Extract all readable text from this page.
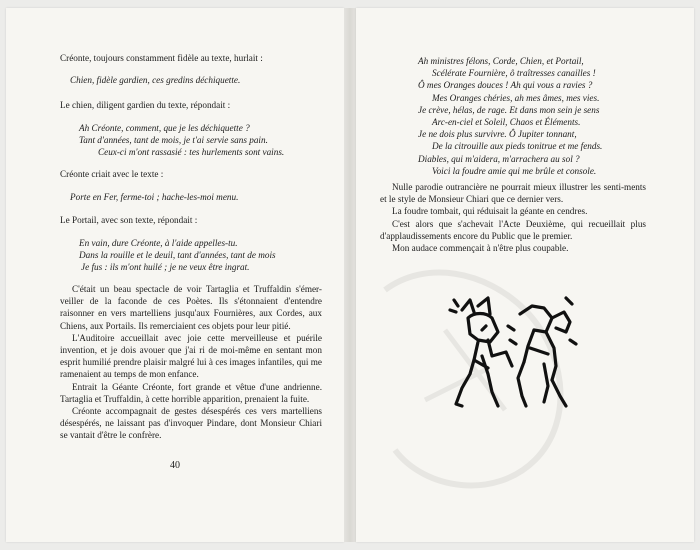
Créonte, toujours constamment fidèle au texte, hurlait :

Chien, fidèle gardien, ces gredins déchiquette.

Le chien, diligent gardien du texte, répondait :

Ah Créonte, comment, que je les déchiquette ?
Tant d'années, tant de mois, je t'ai servie sans pain.
Ceux-ci m'ont rassasié : tes hurlements sont vains.

Créonte criait avec le texte :

Porte en Fer, ferme-toi ; hache-les-moi menu.

Le Portail, avec son texte, répondait :

En vain, dure Créonte, à l'aide appelles-tu.
Dans la rouille et le deuil, tant d'années, tant de mois
Je fus : ils m'ont huilé ; je ne veux être ingrat.

C'était un beau spectacle de voir Tartaglia et Truffaldin s'émer-veiller de la faconde de ces Poètes. Ils s'étonnaient d'entendre raisonner en vers martelliens jusqu'aux Fournières, aux Cordes, aux Chiens, aux Portails. Ils remerciaient ces objets pour leur pitié.

L'Auditoire accueillait avec joie cette merveilleuse et puérile invention, et je dois avouer que j'ai ri de moi-même en sentant mon esprit humilié prendre plaisir malgré lui à ces images infantiles, qui me ramenaient au temps de mon enfance.

Entrait la Géante Créonte, fort grande et vêtue d'une andrienne. Tartaglia et Truffaldin, à cette horrible apparition, prenaient la fuite.

Créonte accompagnait de gestes désespérés ces vers martelliens désespérés, ne laissant pas d'invoquer Pindare, dont Monsieur Chiari se vantait d'être le confrère.

40
Ah ministres félons, Corde, Chien, et Portail,
Scélérate Fournière, ô traîtresses canailles !
Ô mes Oranges douces ! Ah qui vous a ravies ?
Mes Oranges chéries, ah mes âmes, mes vies.
Je crève, hélas, de rage. Et dans mon sein je sens
Arc-en-ciel et Soleil, Chaos et Éléments.
Je ne dois plus survivre. Ô Jupiter tonnant,
De la citrouille aux pieds tonitrue et me fends.
Diables, qui m'aidera, m'arrachera au sol ?
Voici la foudre amie qui me brûle et console.

Nulle parodie outrancière ne pourrait mieux illustrer les senti-ments et le style de Monsieur Chiari que ce dernier vers.

La foudre tombait, qui réduisait la géante en cendres.

C'est alors que s'achevait l'Acte Deuxième, qui recueillait plus d'applaudissements encore du Public que le premier.

Mon audace commençait à n'être plus coupable.
